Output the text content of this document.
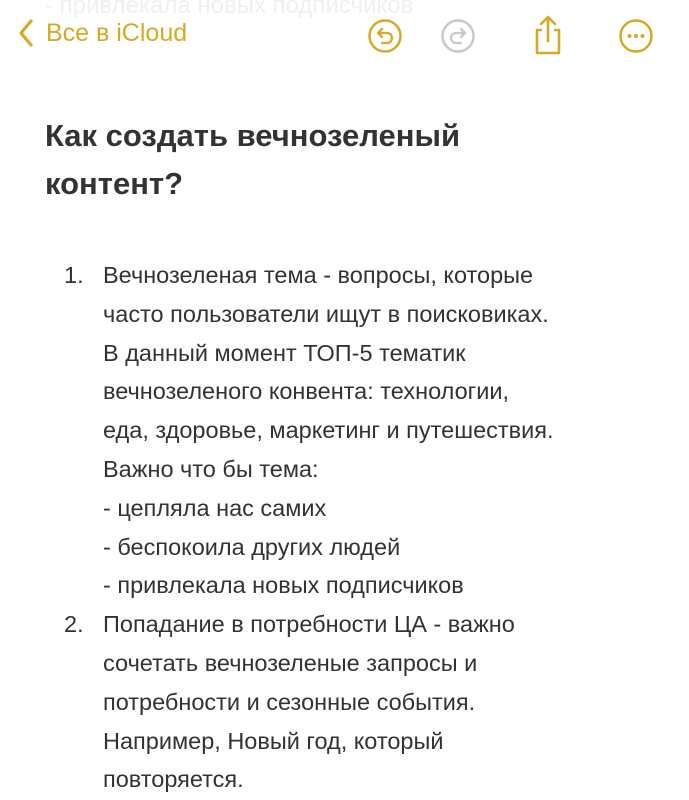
- привлекала новых подписчиков
Все в iCloud
Как создать вечнозеленый контент?
1. Вечнозеленая тема - вопросы, которые
часто пользователи ищут в поисковиках.
В данный момент ТОП-5 тематик
вечнозеленого конвента: технологии,
еда, здоровье, маркетинг и путешествия.
Важно что бы тема:
- цепляла нас самих
- беспокоила других людей
- привлекала новых подписчиков
2. Попадание в потребности ЦА - важно
сочетать вечнозеленые запросы и
потребности и сезонные события.
Например, Новый год, который
повторяется.
